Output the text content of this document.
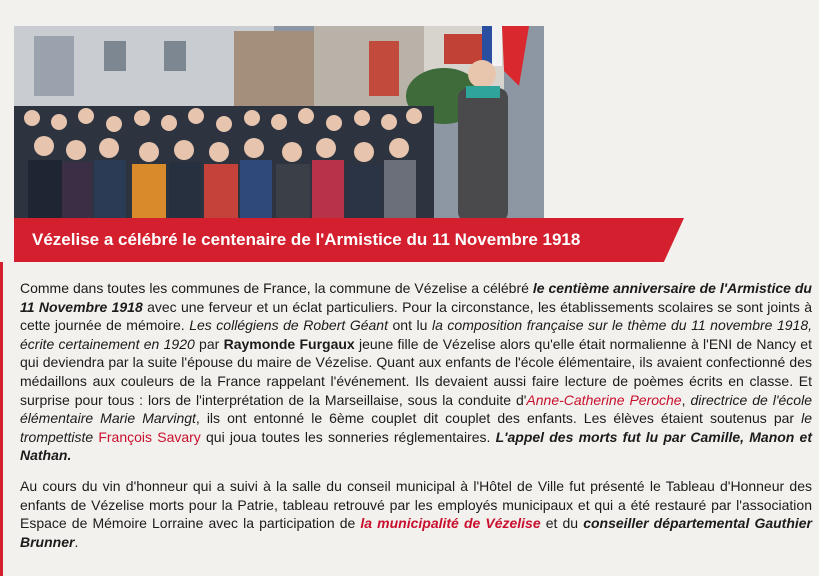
Vézelise a célébré le centenaire de l'Armistice du 11 Novembre 1918

Comme dans toutes les communes de France, la commune de Vézelise a célébré le centième anniversaire de l'Armistice du 11 Novembre 1918 avec une ferveur et un éclat particuliers. Pour la circonstance, les établissements scolaires se sont joints à cette journée de mémoire. Les collégiens de Robert Géant ont lu la composition française sur le thème du 11 novembre 1918, écrite certainement en 1920 par Raymonde Furgaux jeune fille de Vézelise alors qu'elle était normalienne à l'ENI de Nancy et qui deviendra par la suite l'épouse du maire de Vézelise. Quant aux enfants de l'école élémentaire, ils avaient confectionné des médaillons aux couleurs de la France rappelant l'événement. Ils devaient aussi faire lecture de poèmes écrits en classe. Et surprise pour tous : lors de l'interprétation de la Marseillaise, sous la conduite d'Anne-Catherine Peroche, directrice de l'école élémentaire Marie Marvingt, ils ont entonné le 6ème couplet dit couplet des enfants. Les élèves étaient soutenus par le trompettiste François Savary qui joua toutes les sonneries réglementaires. L'appel des morts fut lu par Camille, Manon et Nathan.

Au cours du vin d'honneur qui a suivi à la salle du conseil municipal à l'Hôtel de Ville fut présenté le Tableau d'Honneur des enfants de Vézelise morts pour la Patrie, tableau retrouvé par les employés municipaux et qui a été restauré par l'association Espace de Mémoire Lorraine avec la participation de la municipalité de Vézelise et du conseiller départemental Gauthier Brunner.
